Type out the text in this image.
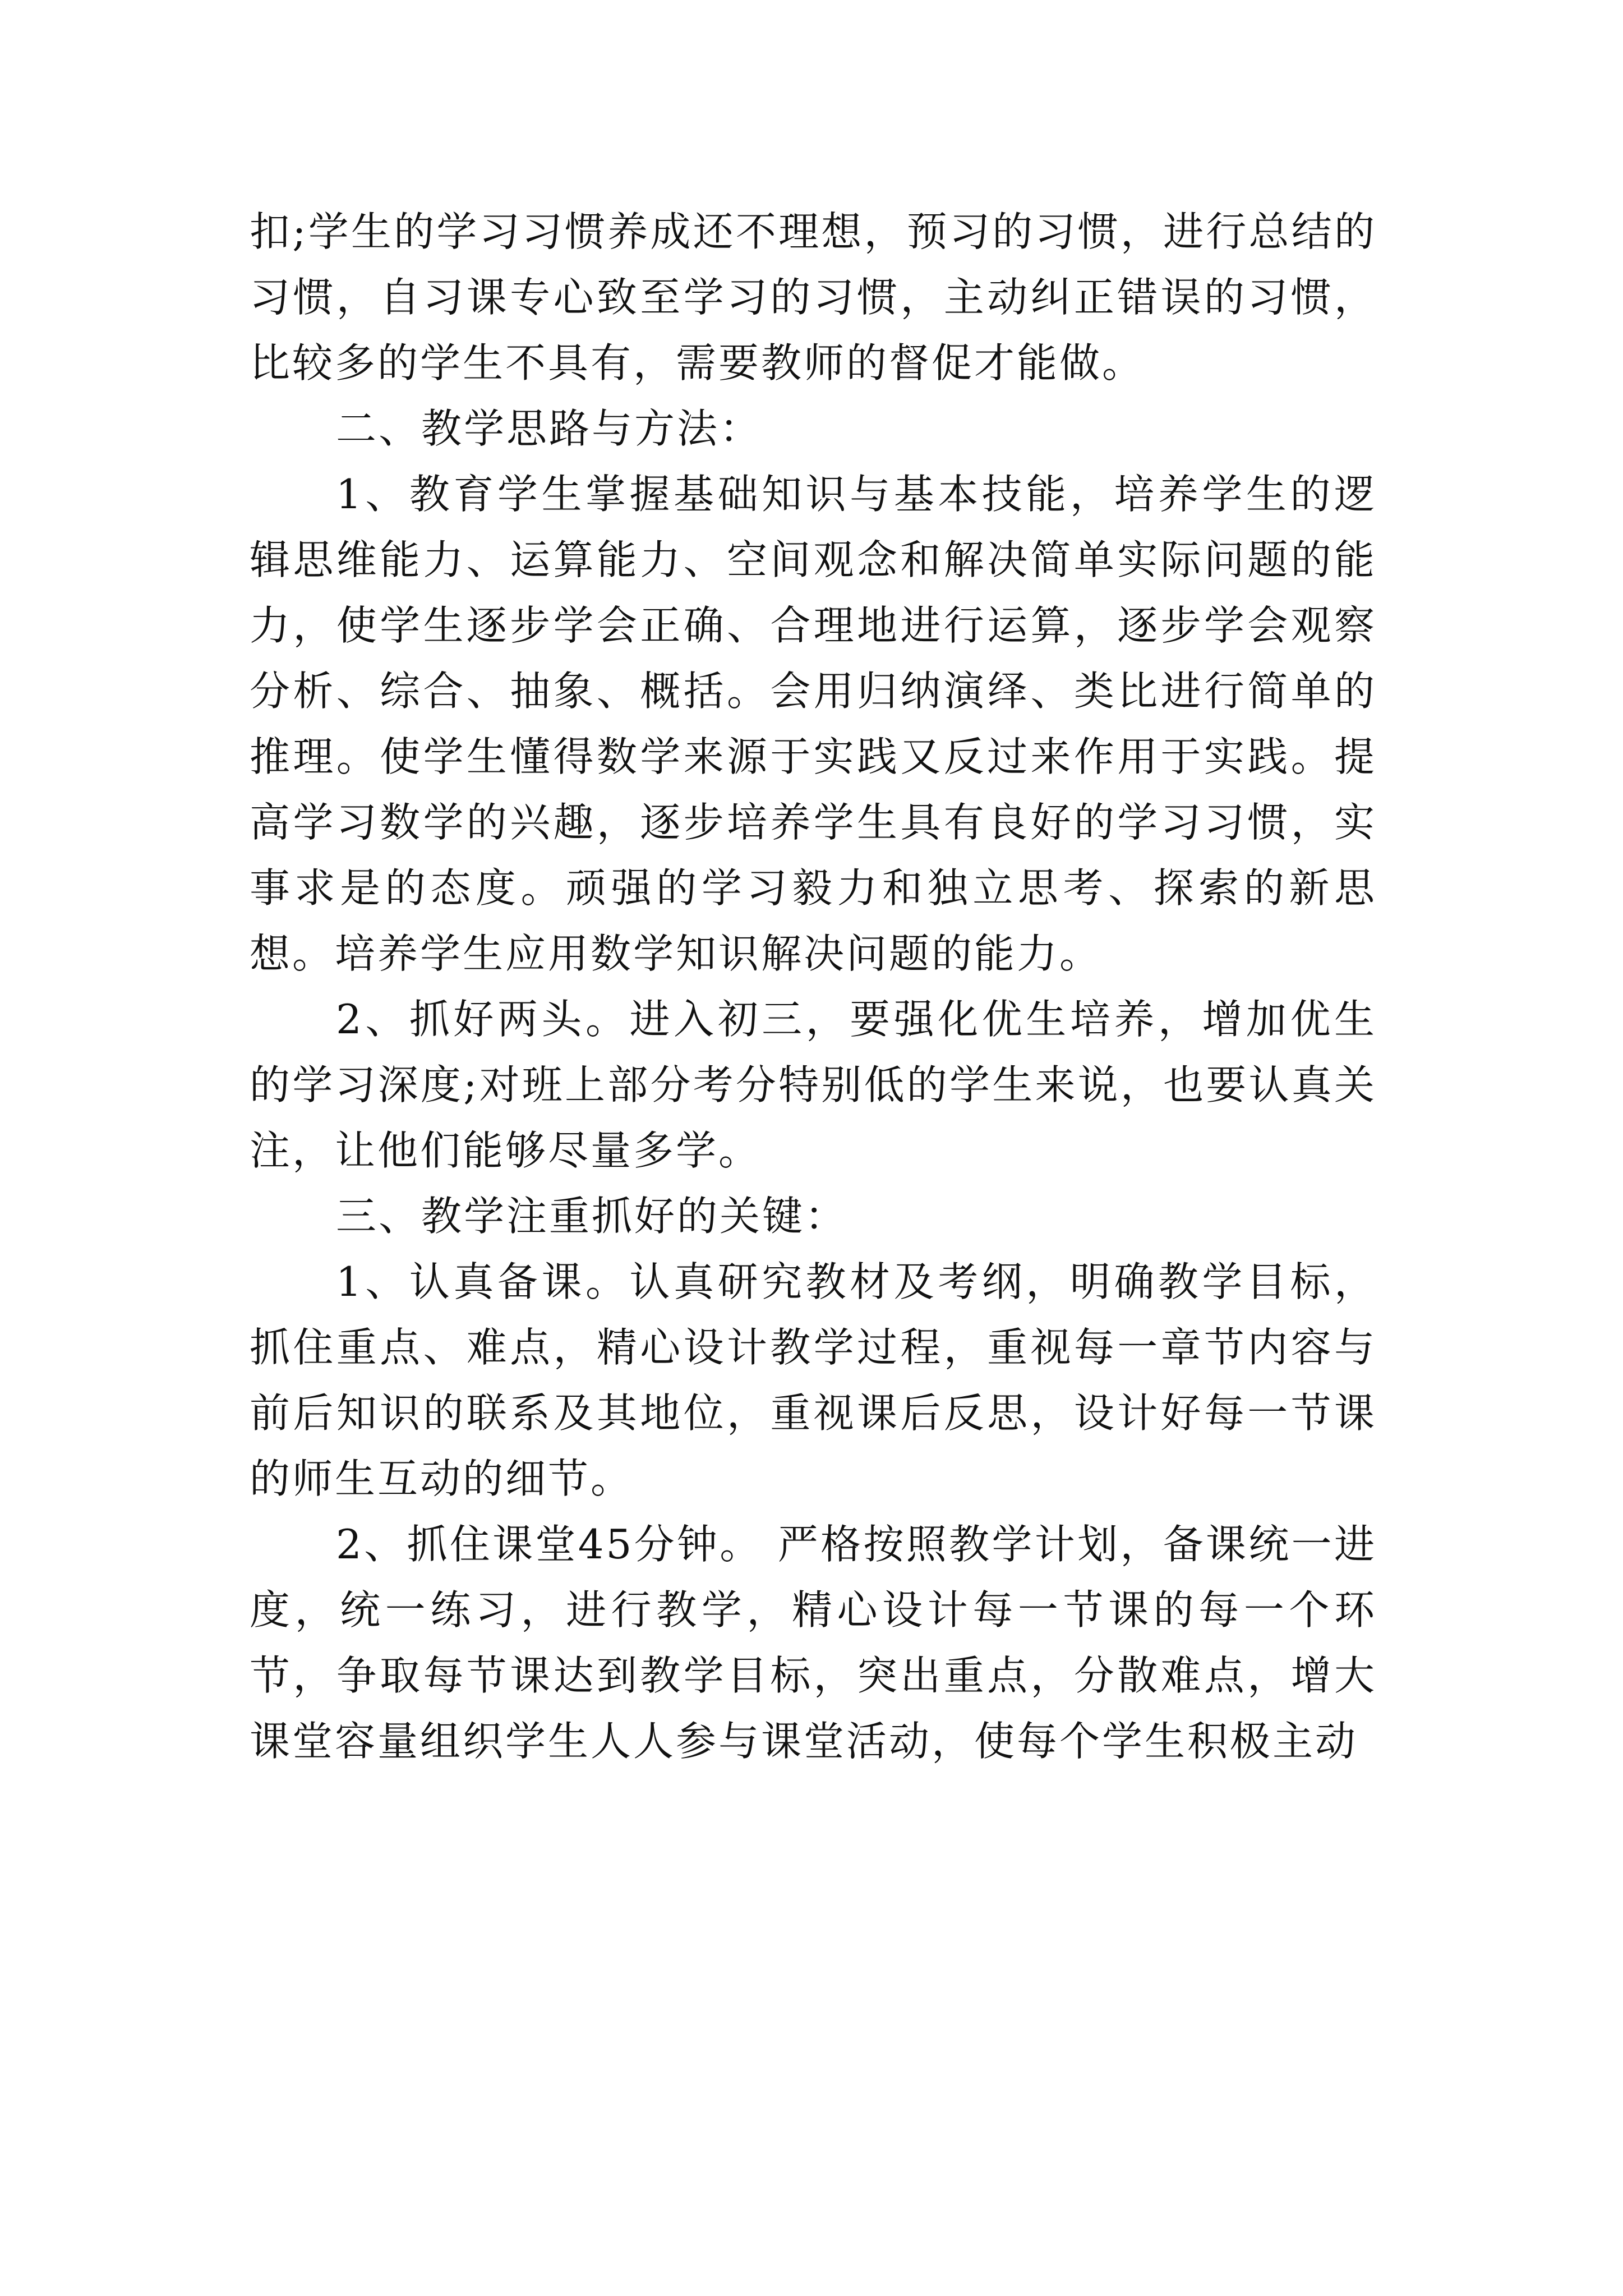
扣;学生的学习习惯养成还不理想，预习的习惯，进行总结的习惯，自习课专心致至学习的习惯，主动纠正错误的习惯，比较多的学生不具有，需要教师的督促才能做。

二、教学思路与方法：

1、教育学生掌握基础知识与基本技能，培养学生的逻辑思维能力、运算能力、空间观念和解决简单实际问题的能力，使学生逐步学会正确、合理地进行运算，逐步学会观察分析、综合、抽象、概括。会用归纳演绎、类比进行简单的推理。使学生懂得数学来源于实践又反过来作用于实践。提高学习数学的兴趣，逐步培养学生具有良好的学习习惯，实事求是的态度。顽强的学习毅力和独立思考、探索的新思想。培养学生应用数学知识解决问题的能力。

2、抓好两头。进入初三，要强化优生培养，增加优生的学习深度;对班上部分考分特别低的学生来说，也要认真关注，让他们能够尽量多学。

三、教学注重抓好的关键：

1、认真备课。认真研究教材及考纲，明确教学目标，抓住重点、难点，精心设计教学过程，重视每一章节内容与前后知识的联系及其地位，重视课后反思，设计好每一节课的师生互动的细节。

2、抓住课堂45分钟。 严格按照教学计划，备课统一进度，统一练习，进行教学，精心设计每一节课的每一个环节，争取每节课达到教学目标，突出重点，分散难点，增大课堂容量组织学生人人参与课堂活动，使每个学生积极主动
